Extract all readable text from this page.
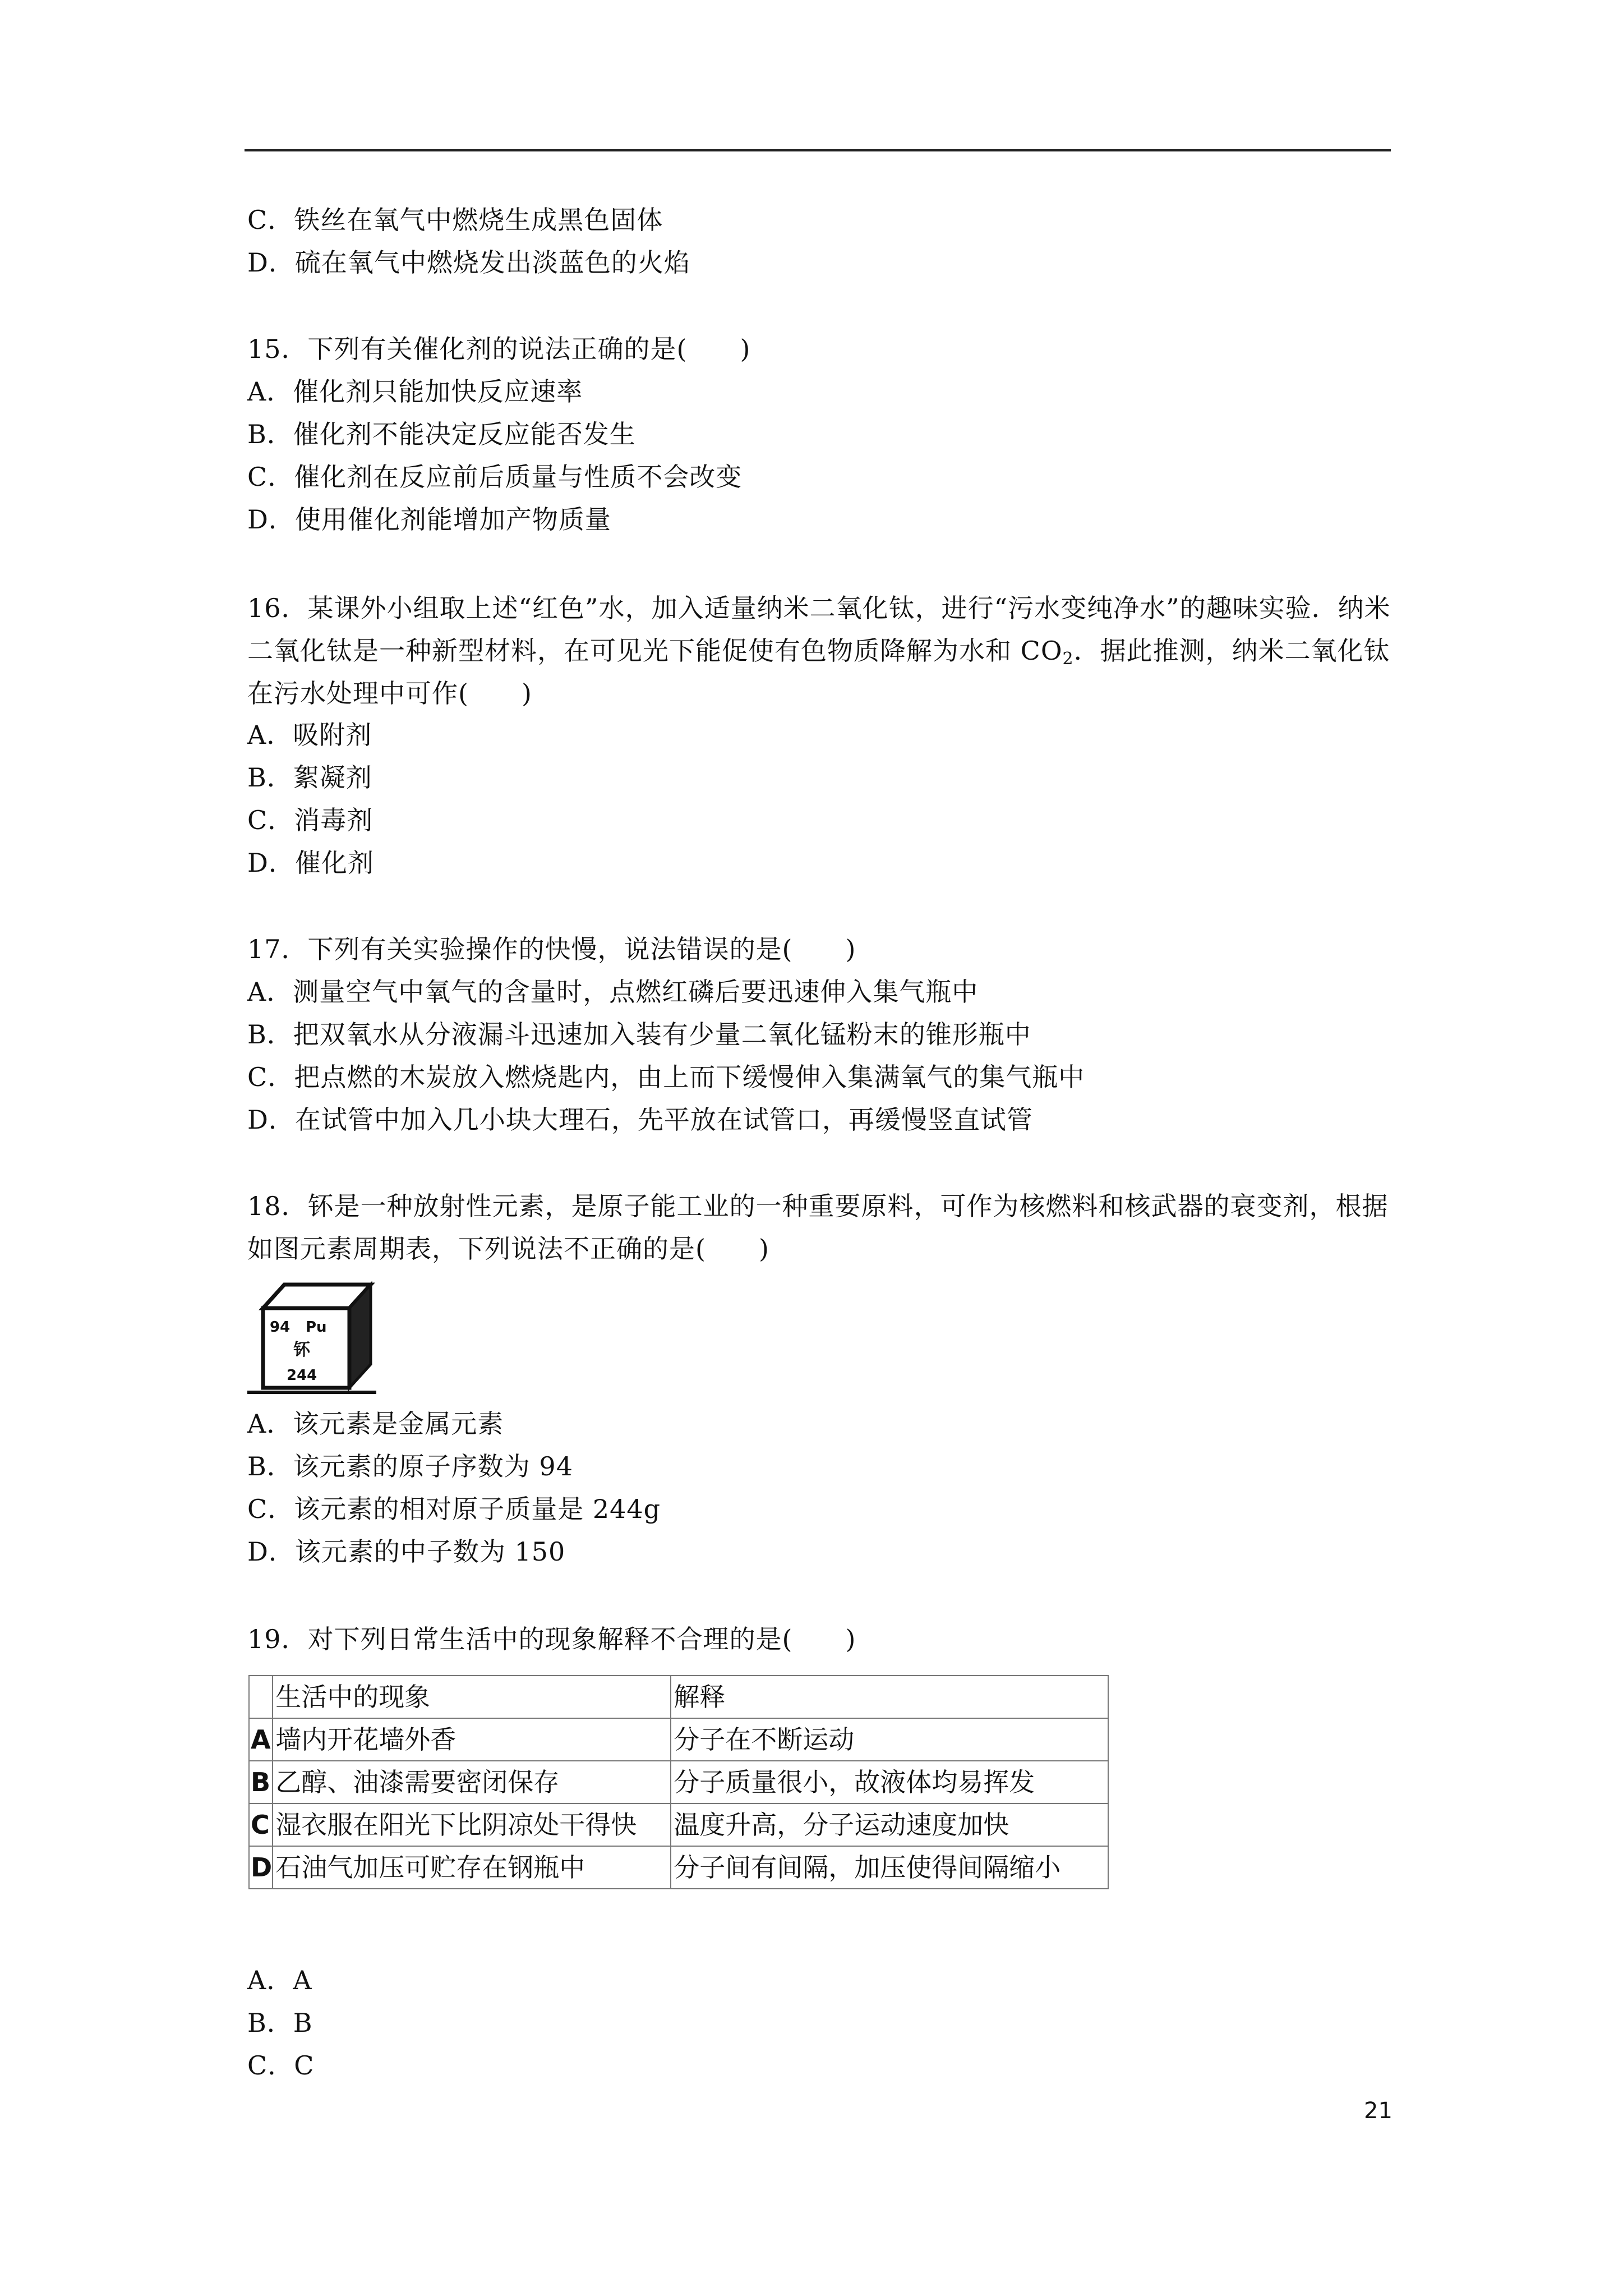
C．铁丝在氧气中燃烧生成黑色固体
D．硫在氧气中燃烧发出淡蓝色的火焰
15．下列有关催化剂的说法正确的是(　　)
A．催化剂只能加快反应速率
B．催化剂不能决定反应能否发生
C．催化剂在反应前后质量与性质不会改变
D．使用催化剂能增加产物质量
16．某课外小组取上述“红色”水，加入适量纳米二氧化钛，进行“污水变纯净水”的趣味实验．纳米二氧化钛是一种新型材料，在可见光下能促使有色物质降解为水和 $CO_2$．据此推测，纳米二氧化钛在污水处理中可作(　　)
A．吸附剂
B．絮凝剂
C．消毒剂
D．催化剂
17．下列有关实验操作的快慢，说法错误的是(　　)
A．测量空气中氧气的含量时，点燃红磷后要迅速伸入集气瓶中
B．把双氧水从分液漏斗迅速加入装有少量二氧化锰粉末的锥形瓶中
C．把点燃的木炭放入燃烧匙内，由上而下缓慢伸入集满氧气的集气瓶中
D．在试管中加入几小块大理石，先平放在试管口，再缓慢竖直试管
18．钚是一种放射性元素，是原子能工业的一种重要原料，可作为核燃料和核武器的衰变剂，根据如图元素周期表，下列说法不正确的是(　　)
94 Pu
钚
244
A．该元素是金属元素
B．该元素的原子序数为 94
C．该元素的相对原子质量是 244g
D．该元素的中子数为 150
19．对下列日常生活中的现象解释不合理的是(　　)
	生活中的现象	解释
A	墙内开花墙外香	分子在不断运动
B	乙醇、油漆需要密闭保存	分子质量很小，故液体均易挥发
C	湿衣服在阳光下比阴凉处干得快	温度升高，分子运动速度加快
D	石油气加压可贮存在钢瓶中	分子间有间隔，加压使得间隔缩小
A．A
B．B
C．C
21
